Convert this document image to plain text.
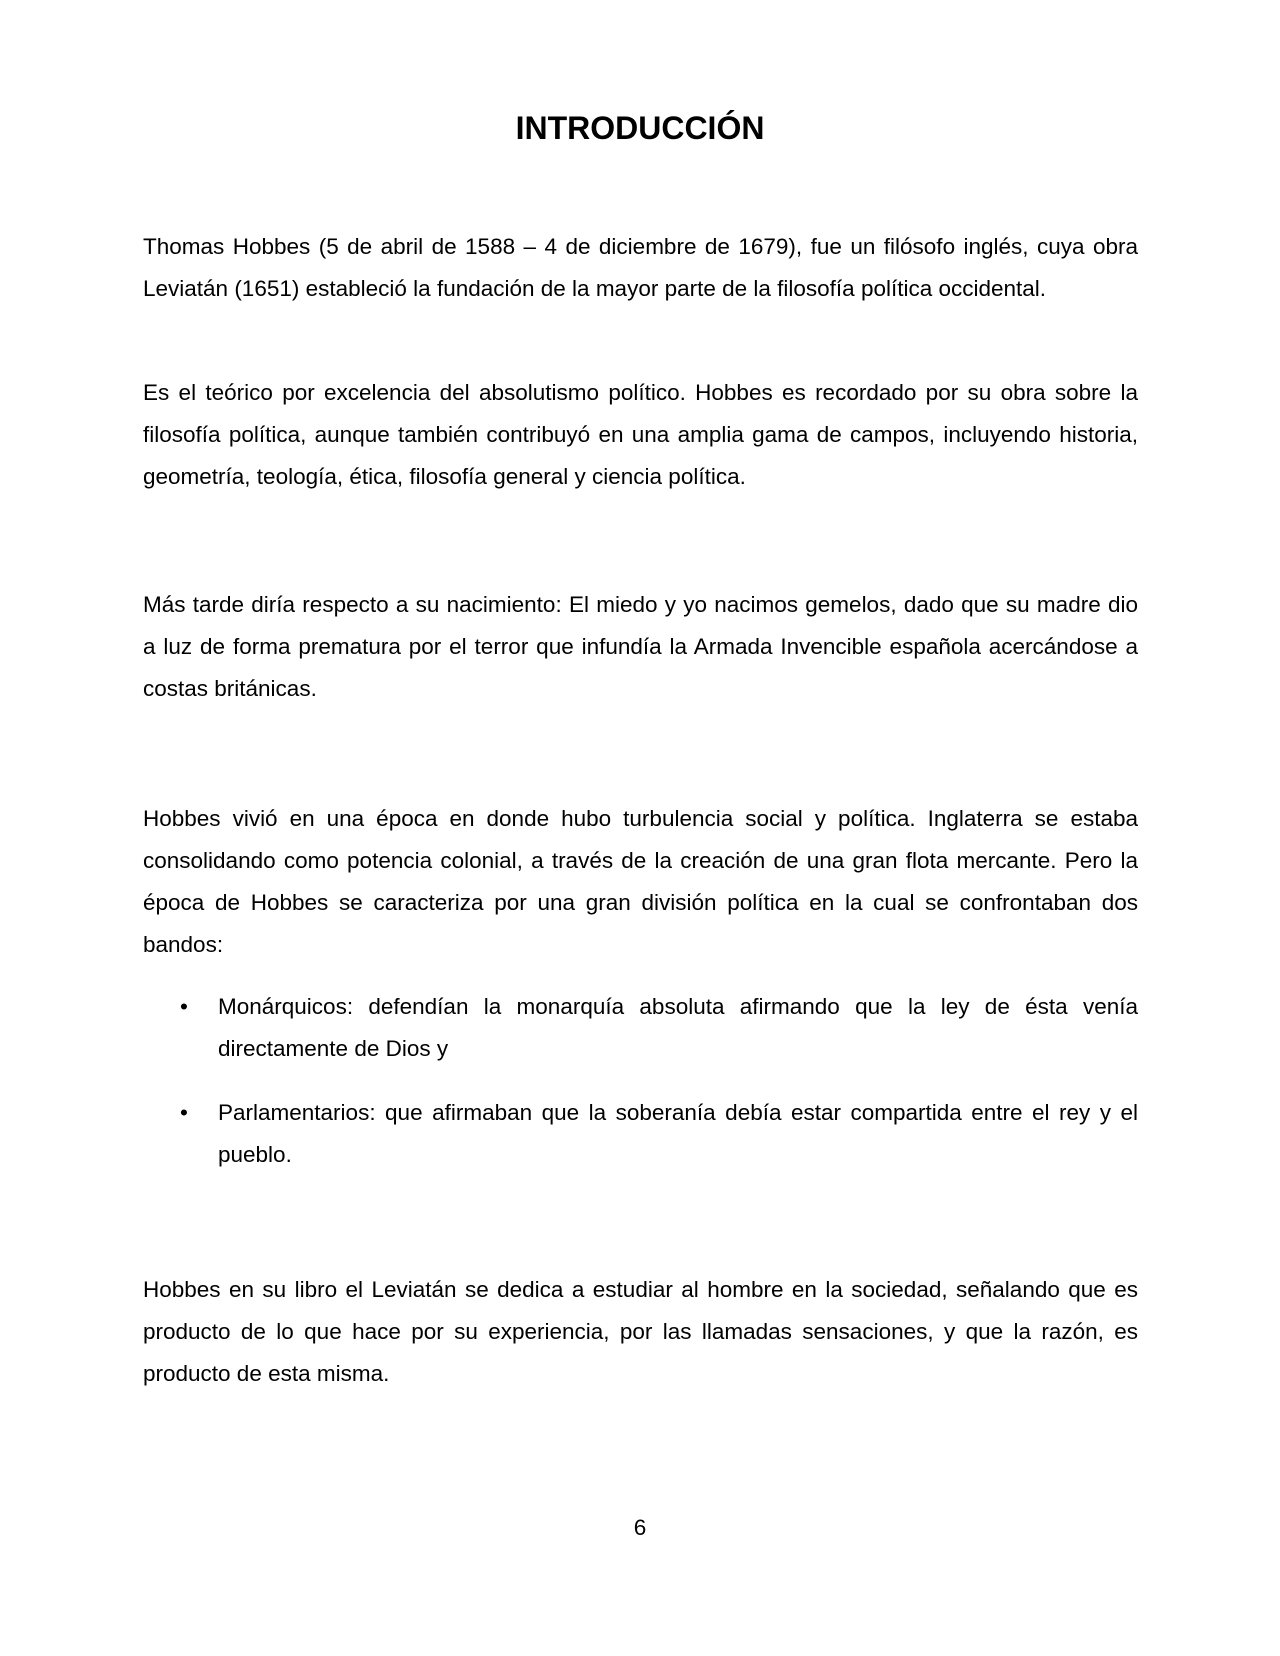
INTRODUCCIÓN

Thomas Hobbes (5 de abril de 1588 – 4 de diciembre de 1679), fue un filósofo inglés, cuya obra Leviatán (1651) estableció la fundación de la mayor parte de la filosofía política occidental.

Es el teórico por excelencia del absolutismo político. Hobbes es recordado por su obra sobre la filosofía política, aunque también contribuyó en una amplia gama de campos, incluyendo historia, geometría, teología, ética, filosofía general y ciencia política.

Más tarde diría respecto a su nacimiento: El miedo y yo nacimos gemelos, dado que su madre dio a luz de forma prematura por el terror que infundía la Armada Invencible española acercándose a costas británicas.

Hobbes vivió en una época en donde hubo turbulencia social y política. Inglaterra se estaba consolidando como potencia colonial, a través de la creación de una gran flota mercante. Pero la época de Hobbes se caracteriza por una gran división política en la cual se confrontaban dos bandos:

• Monárquicos: defendían la monarquía absoluta afirmando que la ley de ésta venía directamente de Dios y
• Parlamentarios: que afirmaban que la soberanía debía estar compartida entre el rey y el pueblo.

Hobbes en su libro el Leviatán se dedica a estudiar al hombre en la sociedad, señalando que es producto de lo que hace por su experiencia, por las llamadas sensaciones, y que la razón, es producto de esta misma.

6
